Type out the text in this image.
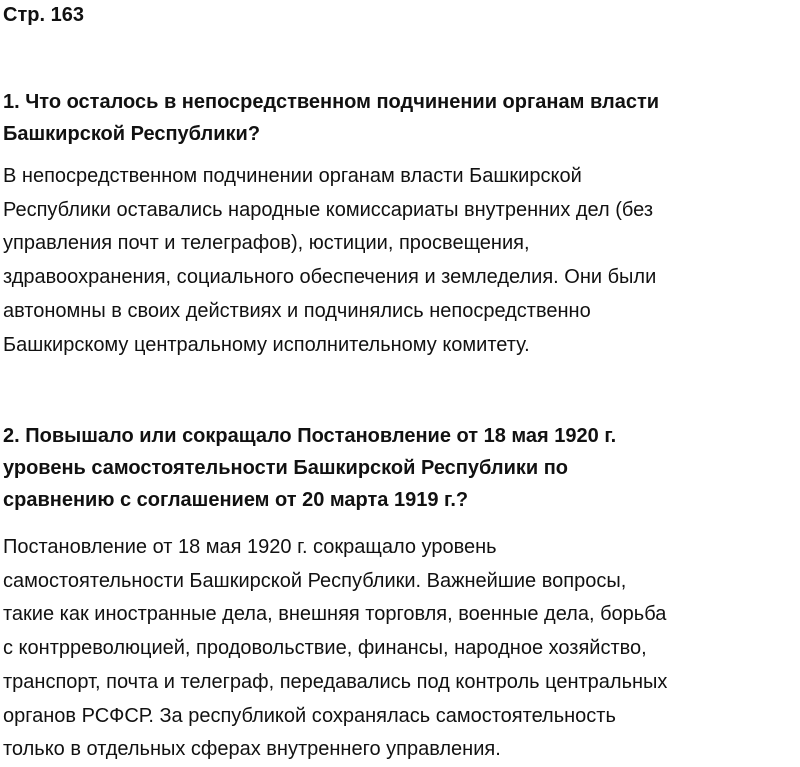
Стр. 163
1. Что осталось в непосредственном подчинении органам власти
Башкирской Республики?
В непосредственном подчинении органам власти Башкирской
Республики оставались народные комиссариаты внутренних дел (без
управления почт и телеграфов), юстиции, просвещения,
здравоохранения, социального обеспечения и земледелия. Они были
автономны в своих действиях и подчинялись непосредственно
Башкирскому центральному исполнительному комитету.
2. Повышало или сокращало Постановление от 18 мая 1920 г.
уровень самостоятельности Башкирской Республики по
сравнению с соглашением от 20 марта 1919 г.?
Постановление от 18 мая 1920 г. сокращало уровень
самостоятельности Башкирской Республики. Важнейшие вопросы,
такие как иностранные дела, внешняя торговля, военные дела, борьба
с контрреволюцией, продовольствие, финансы, народное хозяйство,
транспорт, почта и телеграф, передавались под контроль центральных
органов РСФСР. За республикой сохранялась самостоятельность
только в отдельных сферах внутреннего управления.
